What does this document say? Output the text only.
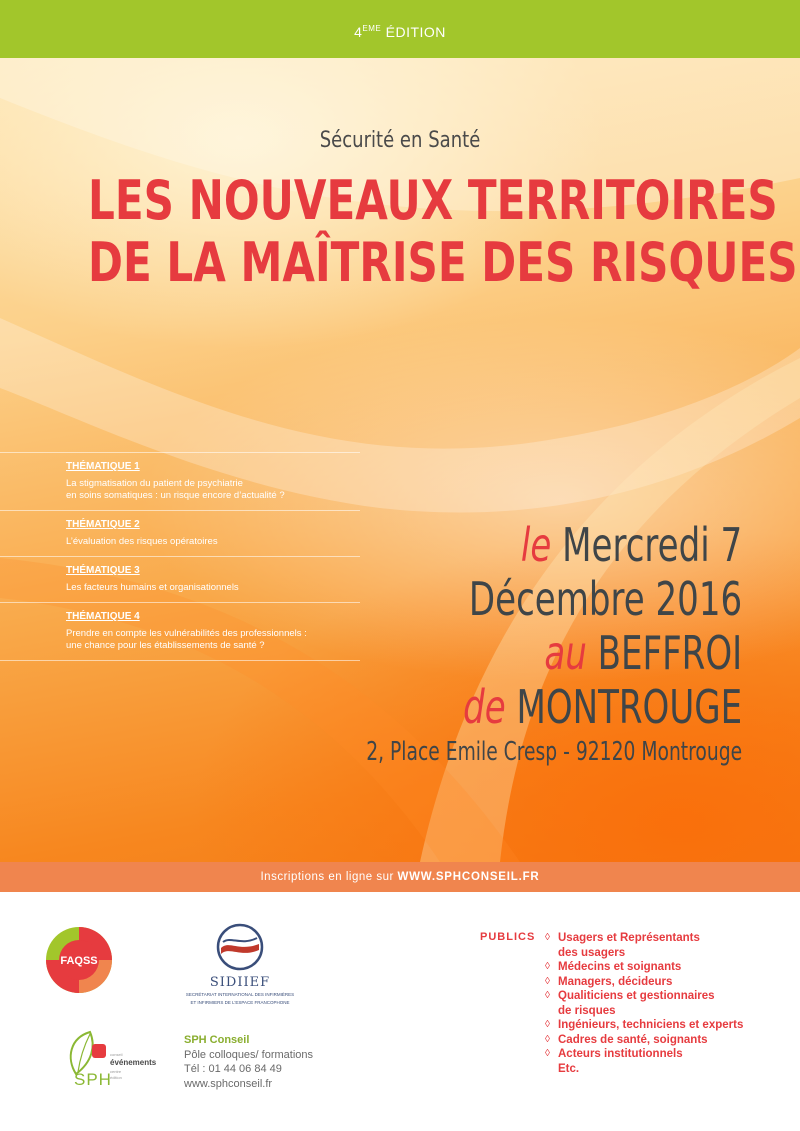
4EME ÉDITION
Sécurité en Santé
LES NOUVEAUX TERRITOIRES
DE LA MAÎTRISE DES RISQUES
THÉMATIQUE 1
La stigmatisation du patient de psychiatrie
en soins somatiques : un risque encore d’actualité ?
THÉMATIQUE 2
L’évaluation des risques opératoires
THÉMATIQUE 3
Les facteurs humains et organisationnels
THÉMATIQUE 4
Prendre en compte les vulnérabilités des professionnels :
une chance pour les établissements de santé ?
le Mercredi 7
Décembre 2016
au BEFFROI
de MONTROUGE
2, Place Emile Cresp - 92120 Montrouge
Inscriptions en ligne sur WWW.SPHCONSEIL.FR
FAQSS
SIDIIEF
SECRÉTARIAT INTERNATIONAL DES INFIRMIÈRES
ET INFIRMIERS DE L’ESPACE FRANCOPHONE
SPH
conseil
événements
centre
édition
SPH Conseil
Pôle colloques/ formations
Tél : 01 44 06 84 49
www.sphconseil.fr
PUBLICS ◊ Usagers et Représentants
des usagers
◊ Médecins et soignants
◊ Managers, décideurs
◊ Qualiticiens et gestionnaires
de risques
◊ Ingénieurs, techniciens et experts
◊ Cadres de santé, soignants
◊ Acteurs institutionnels
Etc.
